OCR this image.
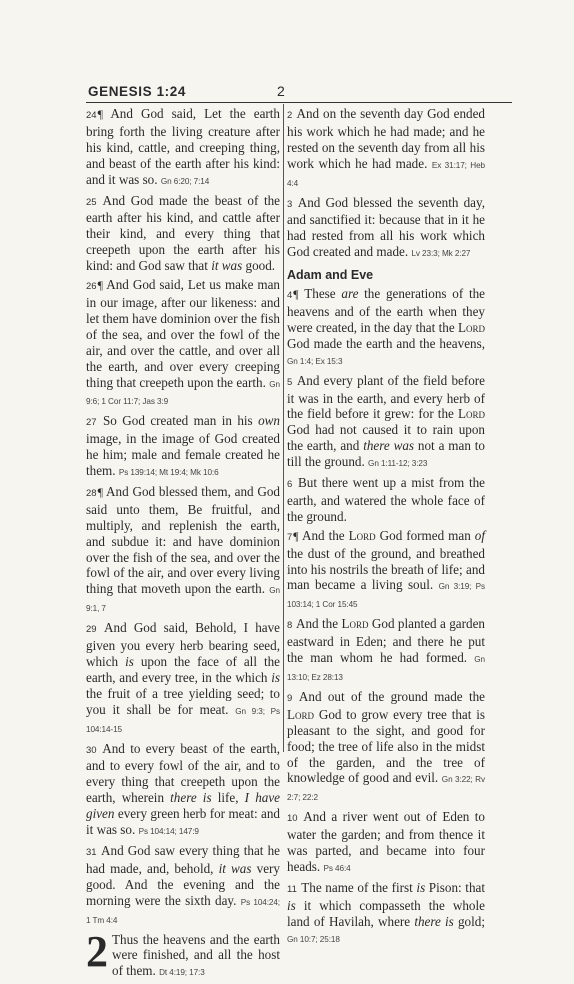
GENESIS 1:24	2

24¶ And God said, Let the earth bring forth the living creature after his kind, cattle, and creeping thing, and beast of the earth after his kind: and it was so. Gn 6:20; 7:14

25 And God made the beast of the earth after his kind, and cattle after their kind, and every thing that creepeth upon the earth after his kind: and God saw that it was good.

26¶ And God said, Let us make man in our image, after our likeness: and let them have dominion over the fish of the sea, and over the fowl of the air, and over the cattle, and over all the earth, and over every creeping thing that creepeth upon the earth. Gn 9:6; 1 Cor 11:7; Jas 3:9

27 So God created man in his own image, in the image of God created he him; male and female created he them. Ps 139:14; Mt 19:4; Mk 10:6

28¶ And God blessed them, and God said unto them, Be fruitful, and multiply, and replenish the earth, and subdue it: and have dominion over the fish of the sea, and over the fowl of the air, and over every living thing that moveth upon the earth. Gn 9:1, 7

29 And God said, Behold, I have given you every herb bearing seed, which is upon the face of all the earth, and every tree, in the which is the fruit of a tree yielding seed; to you it shall be for meat. Gn 9:3; Ps 104:14-15

30 And to every beast of the earth, and to every fowl of the air, and to every thing that creepeth upon the earth, wherein there is life, I have given every green herb for meat: and it was so. Ps 104:14; 147:9

31 And God saw every thing that he had made, and, behold, it was very good. And the evening and the morning were the sixth day. Ps 104:24; 1 Tm 4:4

2 Thus the heavens and the earth were finished, and all the host of them. Dt 4:19; 17:3

2 And on the seventh day God ended his work which he had made; and he rested on the seventh day from all his work which he had made. Ex 31:17; Heb 4:4

3 And God blessed the seventh day, and sanctified it: because that in it he had rested from all his work which God created and made. Lv 23:3; Mk 2:27

Adam and Eve

4¶ These are the generations of the heavens and of the earth when they were created, in the day that the Lord God made the earth and the heavens, Gn 1:4; Ex 15:3

5 And every plant of the field before it was in the earth, and every herb of the field before it grew: for the Lord God had not caused it to rain upon the earth, and there was not a man to till the ground. Gn 1:11-12; 3:23

6 But there went up a mist from the earth, and watered the whole face of the ground.

7¶ And the Lord God formed man of the dust of the ground, and breathed into his nostrils the breath of life; and man became a living soul. Gn 3:19; Ps 103:14; 1 Cor 15:45

8 And the Lord God planted a garden eastward in Eden; and there he put the man whom he had formed. Gn 13:10; Ez 28:13

9 And out of the ground made the Lord God to grow every tree that is pleasant to the sight, and good for food; the tree of life also in the midst of the garden, and the tree of knowledge of good and evil. Gn 3:22; Rv 2:7; 22:2

10 And a river went out of Eden to water the garden; and from thence it was parted, and became into four heads. Ps 46:4

11 The name of the first is Pison: that is it which compasseth the whole land of Havilah, where there is gold; Gn 10:7; 25:18
